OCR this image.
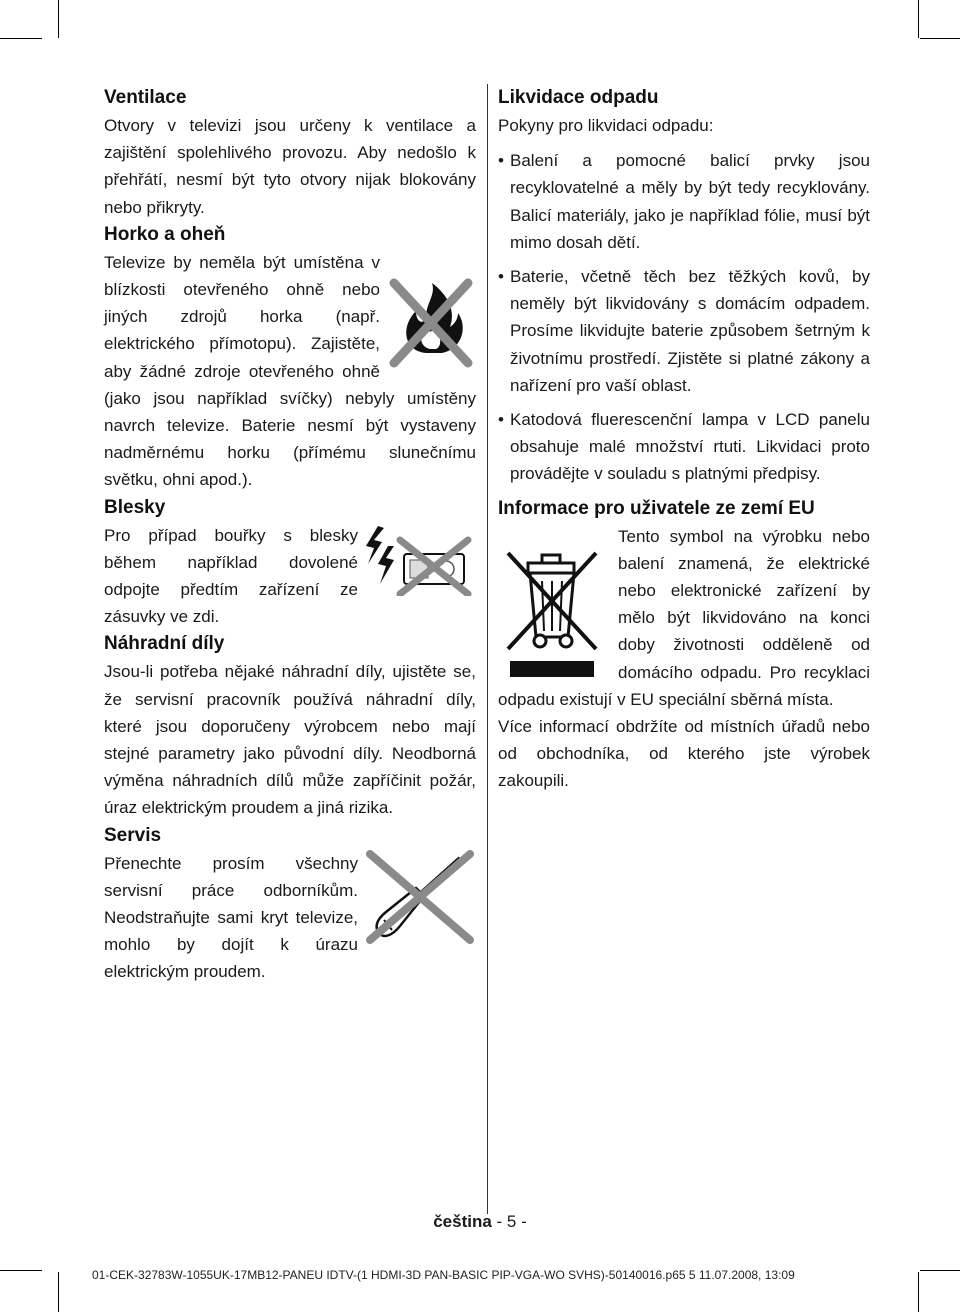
Ventilace

Otvory v televizi jsou určeny k ventilace a zajištění spolehlivého provozu. Aby nedošlo k přehřátí, nesmí být tyto otvory nijak blokovány nebo přikryty.

Horko a oheň

Televize by neměla být umístěna v blízkosti otevřeného ohně nebo jiných zdrojů horka (např. elektrického přímotopu). Zajistěte, aby žádné zdroje otevřeného ohně (jako jsou například svíčky) nebyly umístěny navrch televize. Baterie nesmí být vystaveny nadměrnému horku (přímému slunečnímu světku, ohni apod.).

Blesky

Pro případ bouřky s blesky během například dovolené odpojte předtím zařízení ze zásuvky ve zdi.

Náhradní díly

Jsou-li potřeba nějaké náhradní díly, ujistěte se, že servisní pracovník používá náhradní díly, které jsou doporučeny výrobcem nebo mají stejné parametry jako původní díly. Neodborná výměna náhradních dílů může zapříčinit požár, úraz elektrickým proudem a jiná rizika.

Servis

Přenechte prosím všechny servisní práce odborníkům. Neodstraňujte sami kryt televize, mohlo by dojít k úrazu elektrickým proudem.

Likvidace odpadu

Pokyny pro likvidaci odpadu:

• Balení a pomocné balicí prvky jsou recyklovatelné a měly by být tedy recyklovány. Balicí materiály, jako je například fólie, musí být mimo dosah dětí.
• Baterie, včetně těch bez těžkých kovů, by neměly být likvidovány s domácím odpadem. Prosíme likvidujte baterie způsobem šetrným k životnímu prostředí. Zjistěte si platné zákony a nařízení pro vaší oblast.
• Katodová fluerescenční lampa v LCD panelu obsahuje malé množství rtuti. Likvidaci proto provádějte v souladu s platnými předpisy.
Informace pro uživatele ze zemí EU

Tento symbol na výrobku nebo balení znamená, že elektrické nebo elektronické zařízení by mělo být likvidováno na konci doby životnosti odděleně od domácího odpadu. Pro recyklaci odpadu existují v EU speciální sběrná místa.

Více informací obdržíte od místních úřadů nebo od obchodníka, od kterého jste výrobek zakoupili.

čeština - 5 -
01-CEK-32783W-1055UK-17MB12-PANEU IDTV-(1 HDMI-3D PAN-BASIC PIP-VGA-WO SVHS)-50140016.p65 5 11.07.2008, 13:09
